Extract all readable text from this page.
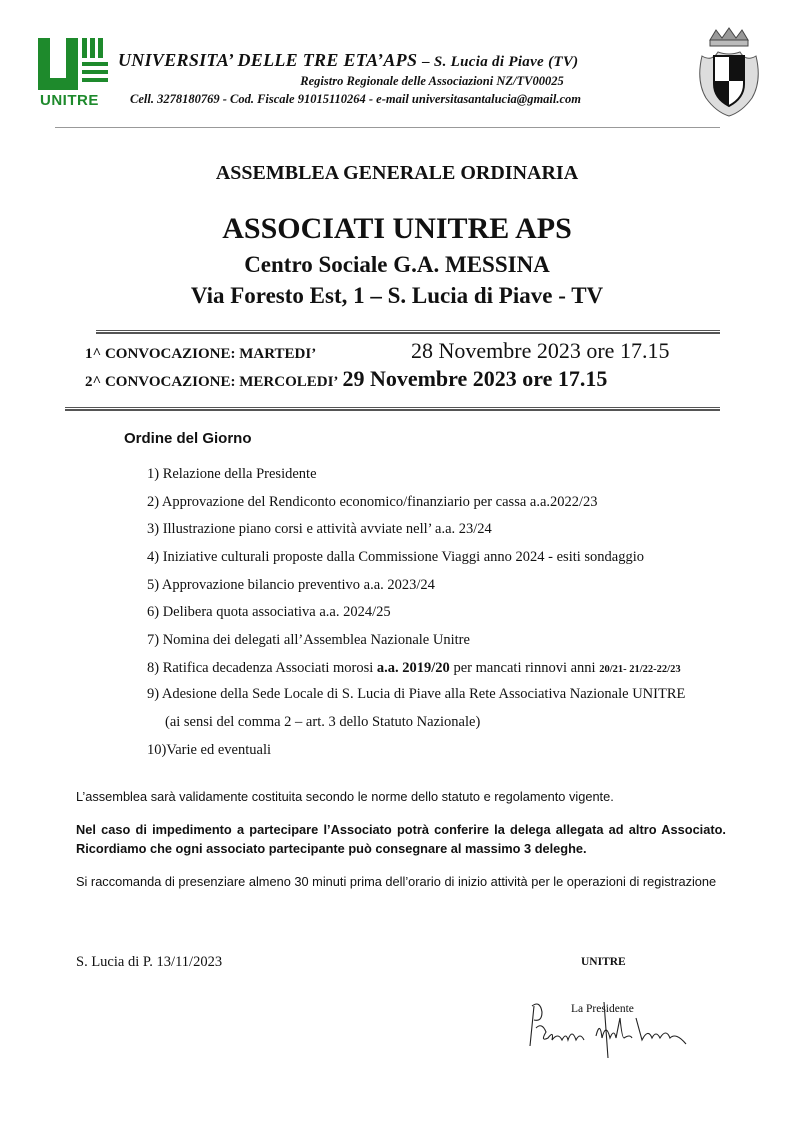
UNITRE
UNIVERSITA’ DELLE TRE ETA’APS – S. Lucia di Piave (TV)
Registro Regionale delle Associazioni NZ/TV00025
Cell. 3278180769 - Cod. Fiscale 91015110264 - e-mail universitasantalucia@gmail.com
ASSEMBLEA GENERALE ORDINARIA
ASSOCIATI UNITRE APS
Centro Sociale G.A. MESSINA
Via Foresto Est, 1 – S. Lucia di Piave - TV
1^ CONVOCAZIONE: MARTEDI’	28 Novembre 2023 ore 17.15
2^ CONVOCAZIONE: MERCOLEDI’ 29 Novembre 2023 ore 17.15
Ordine del Giorno
1) Relazione della Presidente
2) Approvazione del Rendiconto economico/finanziario per cassa a.a.2022/23
3) Illustrazione piano corsi e attività avviate nell’ a.a. 23/24
4) Iniziative culturali proposte dalla Commissione Viaggi anno 2024 - esiti sondaggio
5) Approvazione bilancio preventivo a.a. 2023/24
6) Delibera quota associativa a.a. 2024/25
7) Nomina dei delegati all’Assemblea Nazionale Unitre
8) Ratifica decadenza Associati morosi a.a. 2019/20 per mancati rinnovi anni 20/21- 21/22-22/23
9) Adesione della Sede Locale di S. Lucia di Piave alla Rete Associativa Nazionale UNITRE
(ai sensi del comma 2 – art. 3 dello Statuto Nazionale)
10)Varie ed eventuali
L’assemblea sarà validamente costituita secondo le norme dello statuto e regolamento vigente.
Nel caso di impedimento a partecipare l’Associato potrà conferire la delega allegata ad altro Associato. Ricordiamo che ogni associato partecipante può consegnare al massimo 3 deleghe.
Si raccomanda di presenziare almeno 30 minuti prima dell’orario di inizio attività per le operazioni di registrazione
S. Lucia di P. 13/11/2023	UNITRE
La Presidente
